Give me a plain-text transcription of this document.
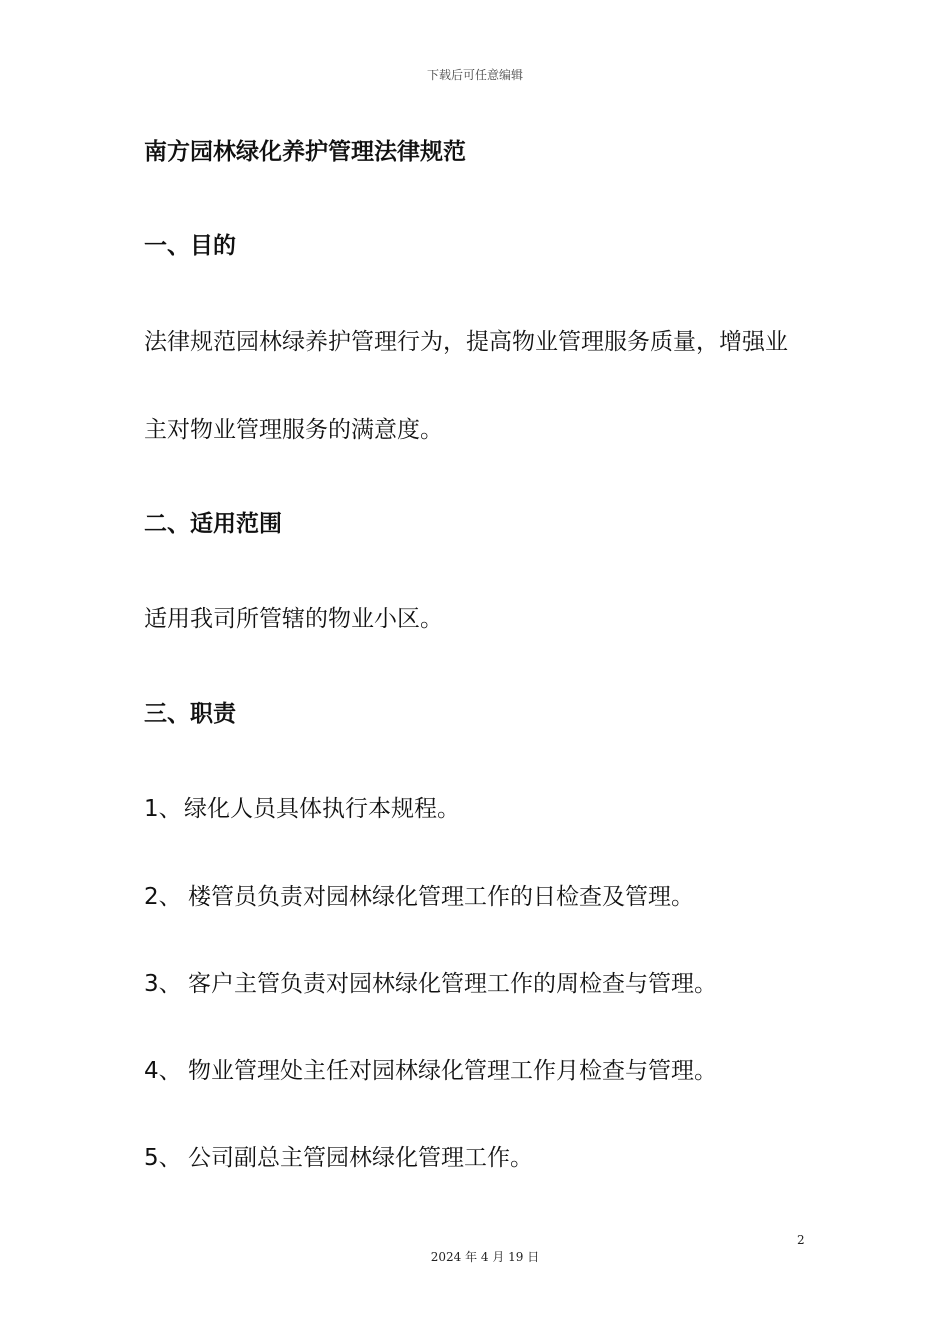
下载后可任意编辑
南方园林绿化养护管理法律规范
一、目的
法律规范园林绿养护管理行为，提高物业管理服务质量，增强业
主对物业管理服务的满意度。
二、适用范围
适用我司所管辖的物业小区。
三、职责
1、 绿化人员具体执行本规程。
2、 楼管员负责对园林绿化管理工作的日检查及管理。
3、 客户主管负责对园林绿化管理工作的周检查与管理。
4、 物业管理处主任对园林绿化管理工作月检查与管理。
5、 公司副总主管园林绿化管理工作。
2
2024 年 4 月 19 日
